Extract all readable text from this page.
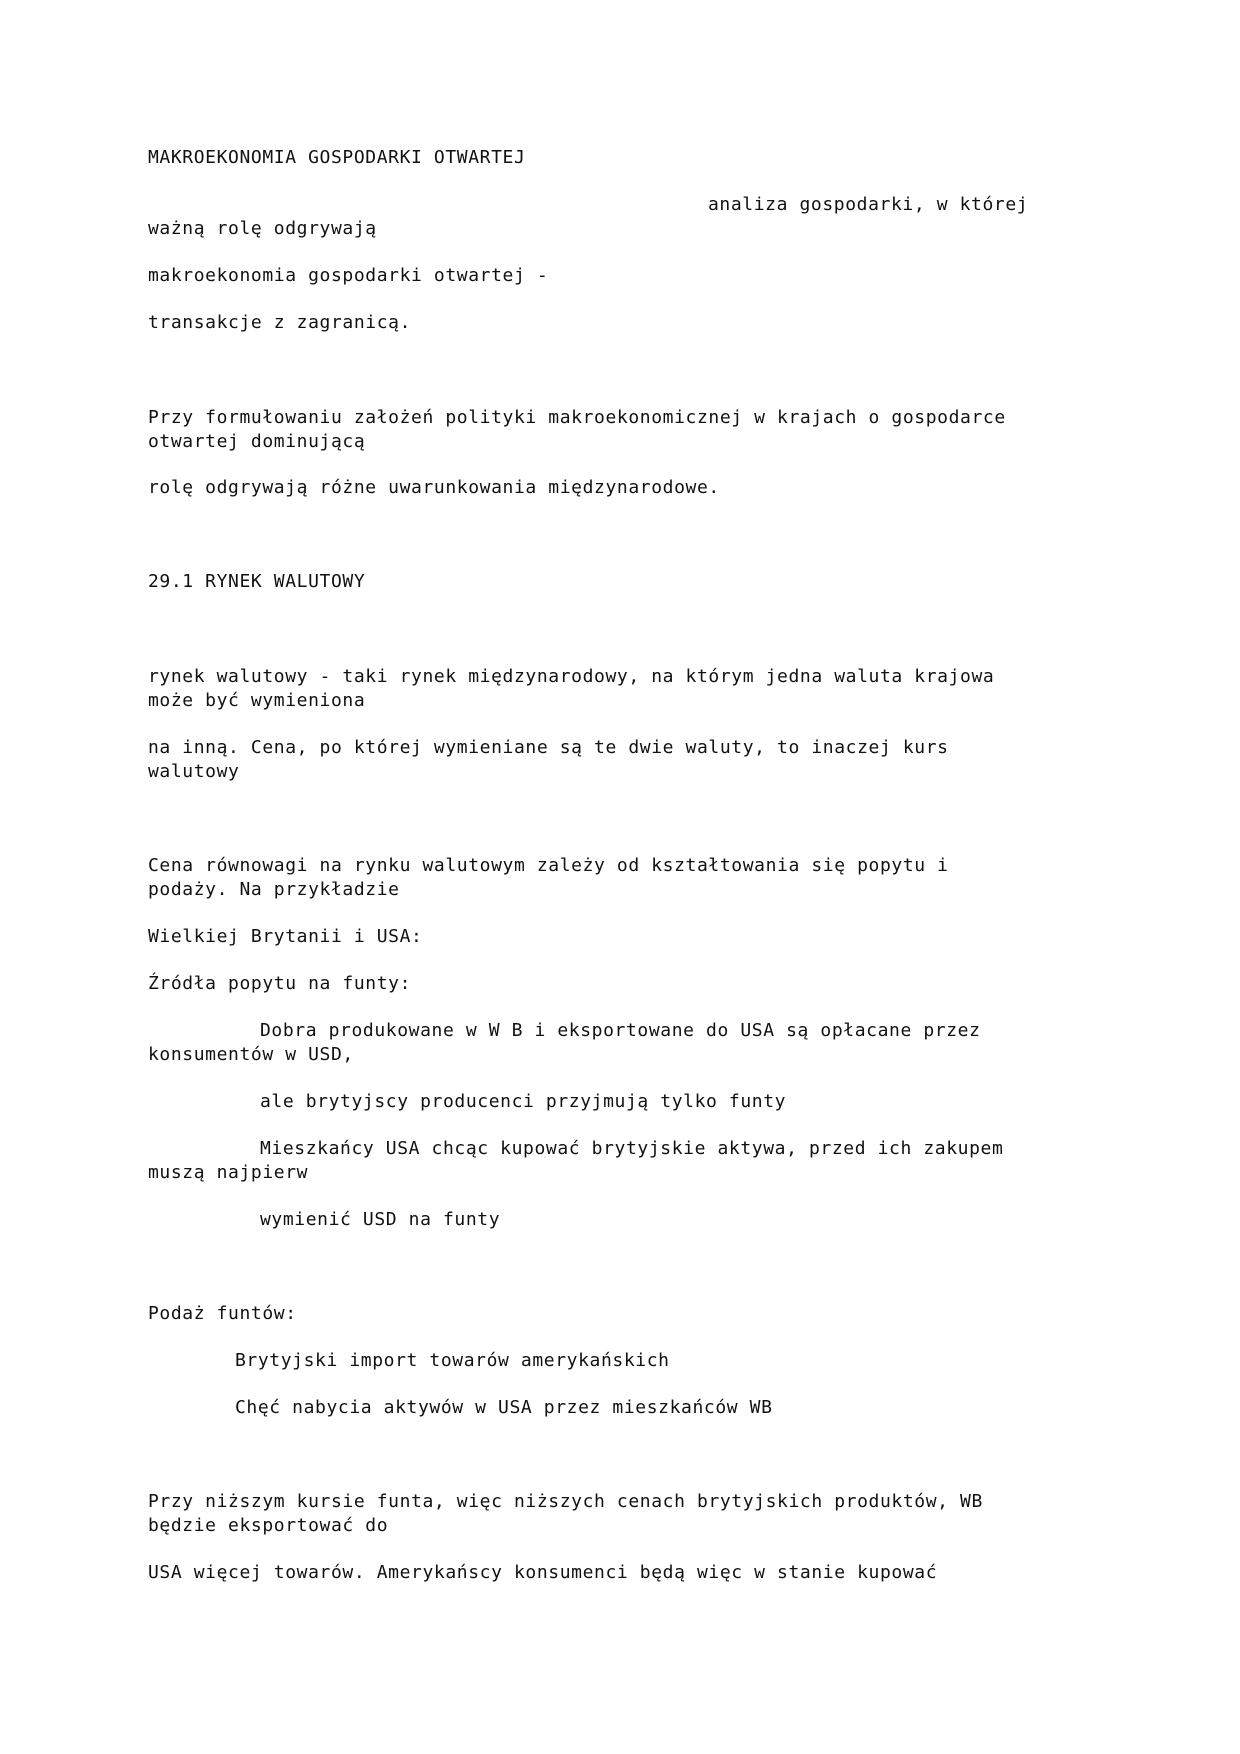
MAKROEKONOMIA GOSPODARKI OTWARTEJ

analiza gospodarki, w której

ważną rolę odgrywają

makroekonomia gospodarki otwartej -

transakcje z zagranicą.

Przy formułowaniu założeń polityki makroekonomicznej w krajach o gospodarce

otwartej dominującą

rolę odgrywają różne uwarunkowania międzynarodowe.

29.1 RYNEK WALUTOWY

rynek walutowy - taki rynek międzynarodowy, na którym jedna waluta krajowa

może być wymieniona

na inną. Cena, po której wymieniane są te dwie waluty, to inaczej kurs

walutowy

Cena równowagi na rynku walutowym zależy od kształtowania się popytu i

podaży. Na przykładzie

Wielkiej Brytanii i USA:

Źródła popytu na funty:

Dobra produkowane w W B i eksportowane do USA są opłacane przez

konsumentów w USD,

ale brytyjscy producenci przyjmują tylko funty

Mieszkańcy USA chcąc kupować brytyjskie aktywa, przed ich zakupem

muszą najpierw

wymienić USD na funty

Podaż funtów:

Brytyjski import towarów amerykańskich

Chęć nabycia aktywów w USA przez mieszkańców WB

Przy niższym kursie funta, więc niższych cenach brytyjskich produktów, WB

będzie eksportować do

USA więcej towarów. Amerykańscy konsumenci będą więc w stanie kupować
